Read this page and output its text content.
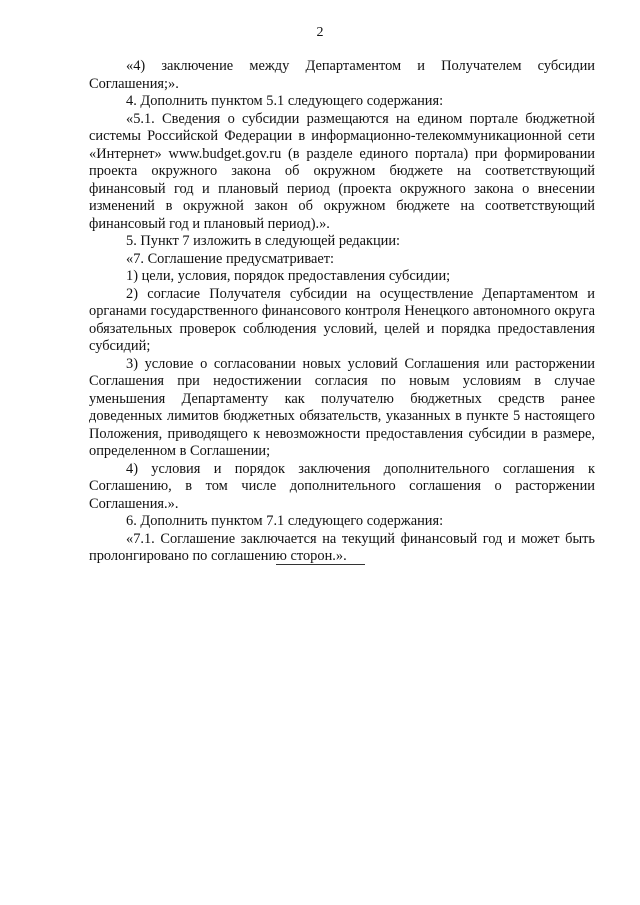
2

«4) заключение между Департаментом и Получателем субсидии Соглашения;».

4. Дополнить пунктом 5.1 следующего содержания:

«5.1. Сведения о субсидии размещаются на едином портале бюджетной системы Российской Федерации в информационно-телекоммуникационной сети «Интернет» www.budget.gov.ru (в разделе единого портала) при формировании проекта окружного закона об окружном бюджете на соответствующий финансовый год и плановый период (проекта окружного закона о внесении изменений в окружной закон об окружном бюджете на соответствующий финансовый год и плановый период).».

5. Пункт 7 изложить в следующей редакции:

«7. Соглашение предусматривает:

1) цели, условия, порядок предоставления субсидии;

2) согласие Получателя субсидии на осуществление Департаментом и органами государственного финансового контроля Ненецкого автономного округа обязательных проверок соблюдения условий, целей и порядка предоставления субсидий;

3) условие о согласовании новых условий Соглашения или расторжении Соглашения при недостижении согласия по новым условиям в случае уменьшения Департаменту как получателю бюджетных средств ранее доведенных лимитов бюджетных обязательств, указанных в пункте 5 настоящего Положения, приводящего к невозможности предоставления субсидии в размере, определенном в Соглашении;

4) условия и порядок заключения дополнительного соглашения к Соглашению, в том числе дополнительного соглашения о расторжении Соглашения.».

6. Дополнить пунктом 7.1 следующего содержания:

«7.1. Соглашение заключается на текущий финансовый год и может быть пролонгировано по соглашению сторон.».
